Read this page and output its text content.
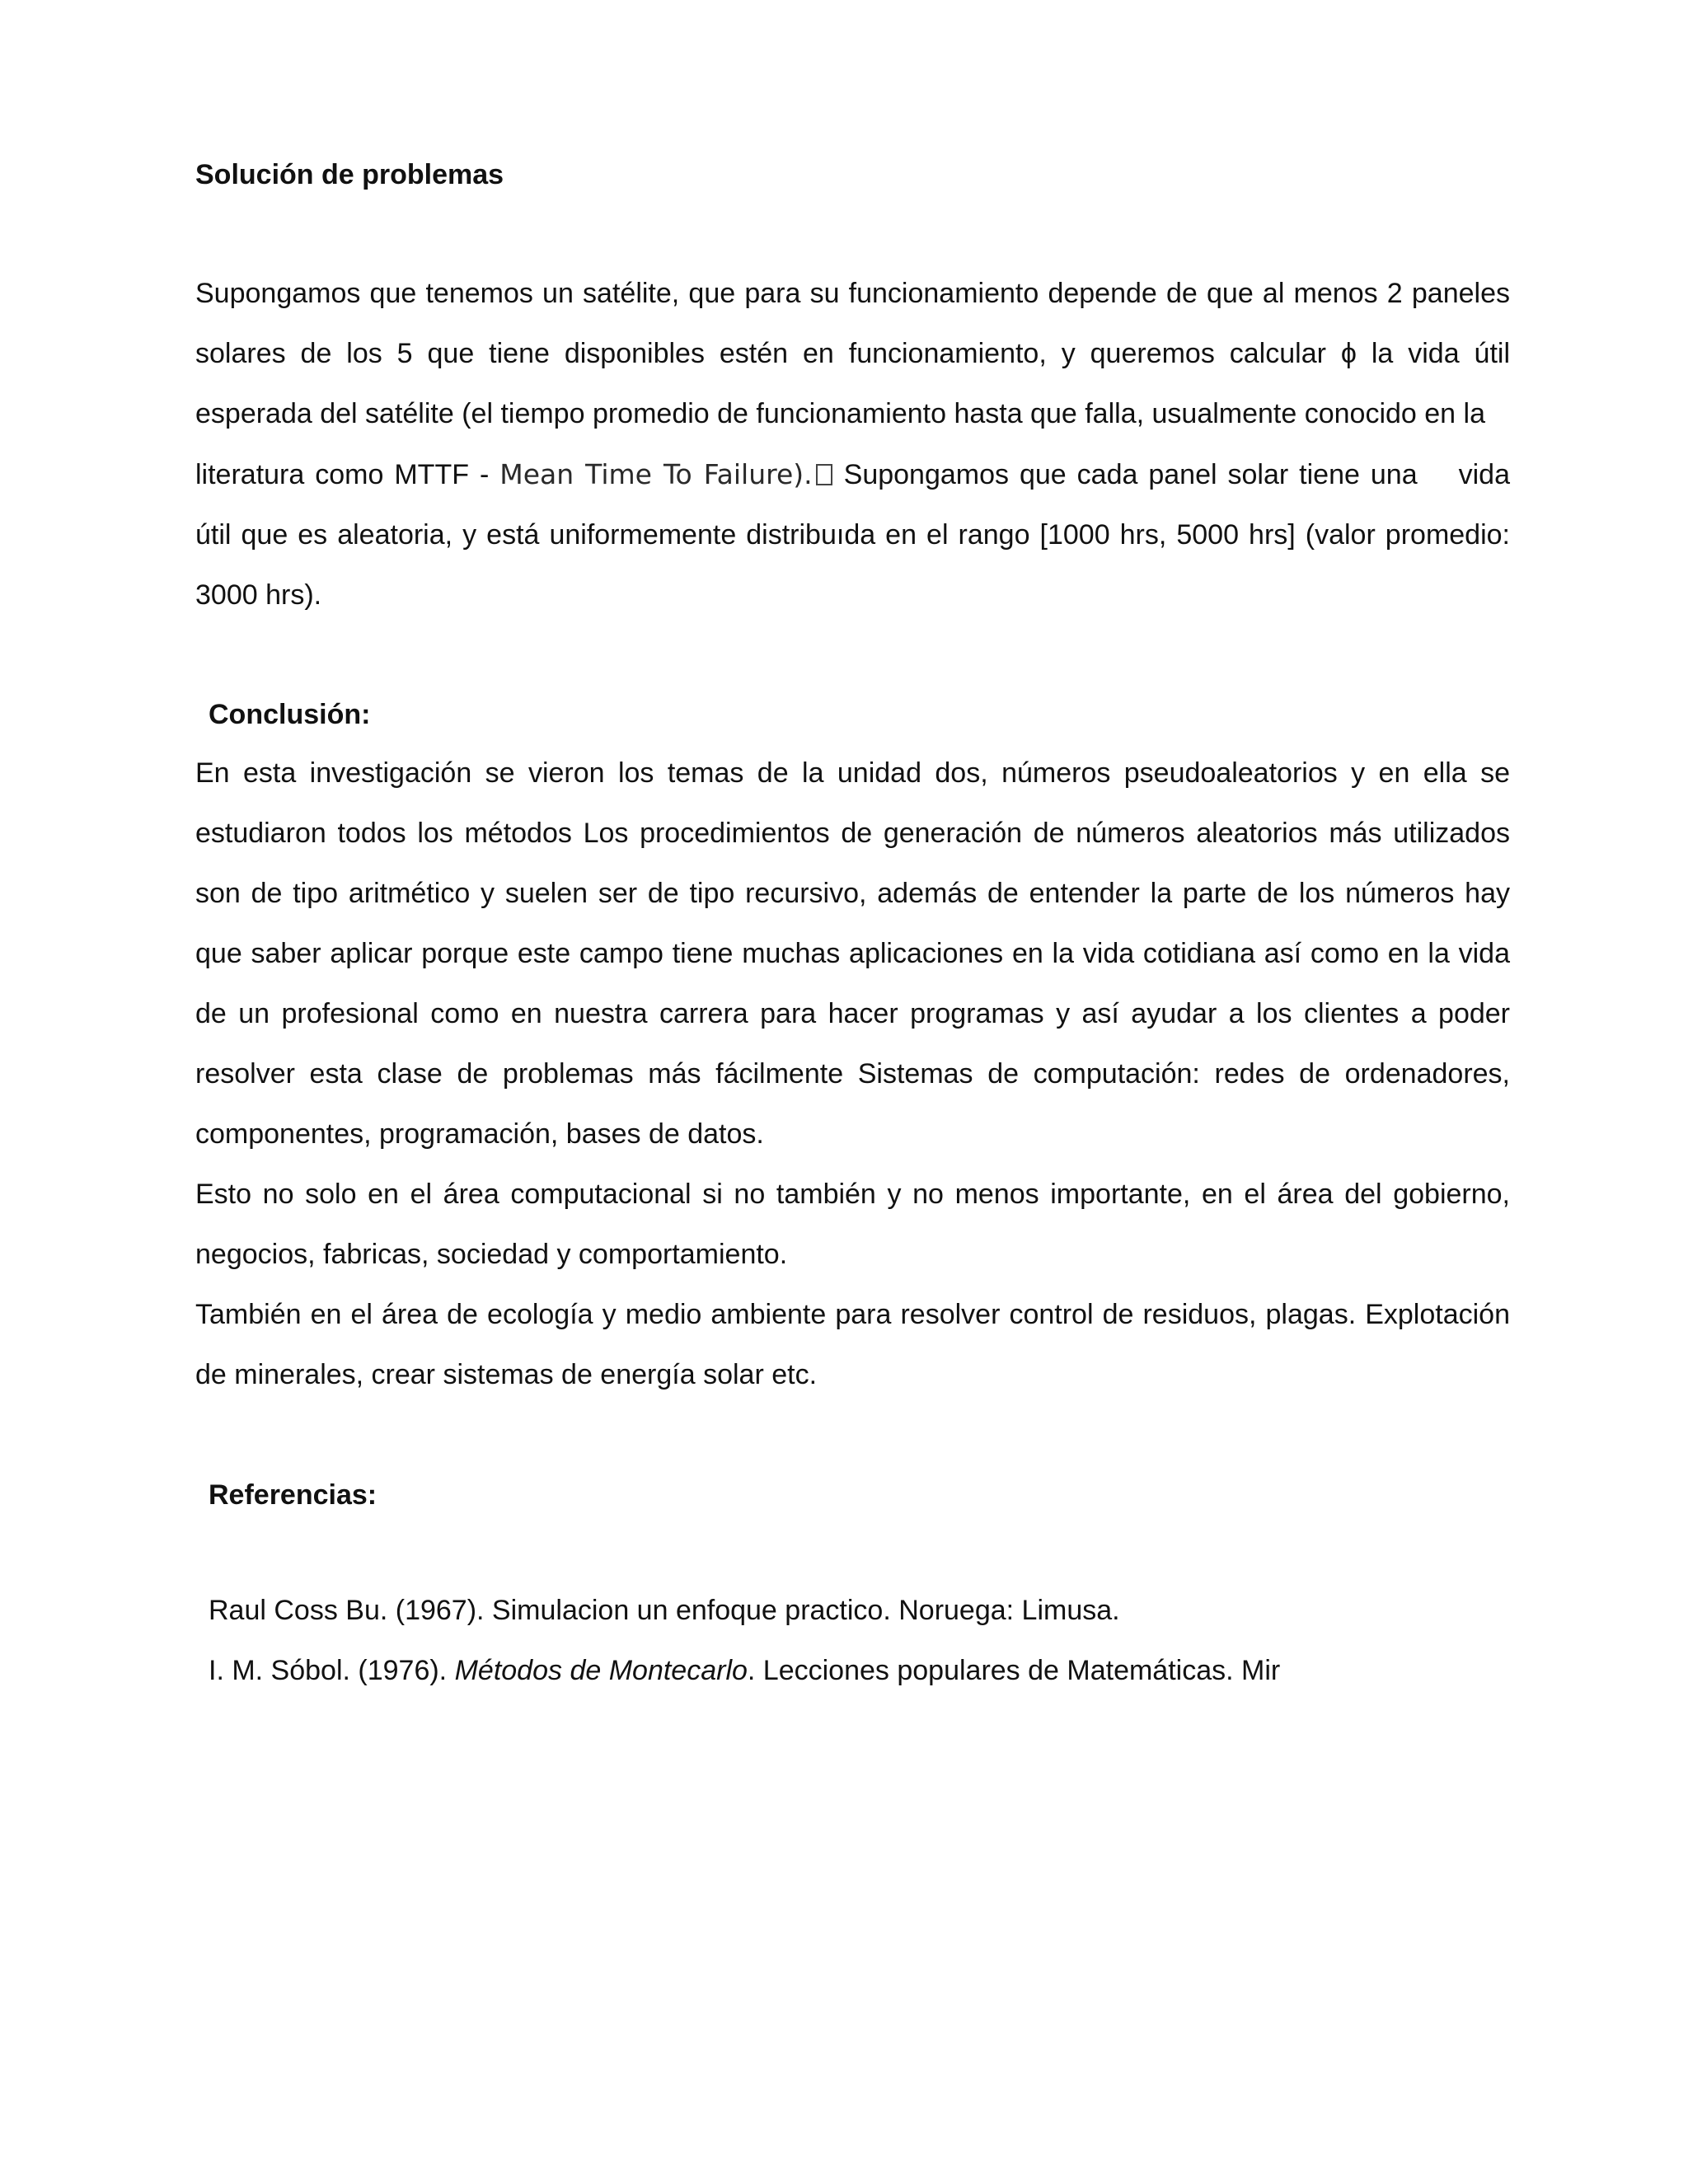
Solución de problemas

Supongamos que tenemos un satélite, que para su funcionamiento depende de que al menos 2 paneles solares de los 5 que tiene disponibles estén en funcionamiento, y queremos calcular ϕ la vida útil esperada del satélite (el tiempo promedio de funcionamiento hasta que falla, usualmente conocido en laliteratura como MTTF - Mean Time To Failure). Supongamos que cada panel solar tiene una vida útil que es aleatoria, y está uniformemente distribuıda en el rango [1000 hrs, 5000 hrs] (valor promedio: 3000 hrs).

Conclusión:

En esta investigación se vieron los temas de la unidad dos, números pseudoaleatorios y en ella se estudiaron todos los métodos Los procedimientos de generación de números aleatorios más utilizados son de tipo aritmético y suelen ser de tipo recursivo, además de entender la parte de los números hay que saber aplicar porque este campo tiene muchas aplicaciones en la vida cotidiana así como en la vida de un profesional como en nuestra carrera para hacer programas y así ayudar a los clientes a poder resolver esta clase de problemas más fácilmente Sistemas de computación: redes de ordenadores, componentes, programación, bases de datos.

Esto no solo en el área computacional si no también y no menos importante, en el área del gobierno, negocios, fabricas, sociedad y comportamiento.

También en el área de ecología y medio ambiente para resolver control de residuos, plagas. Explotación de minerales, crear sistemas de energía solar etc.

Referencias:

Raul Coss Bu. (1967). Simulacion un enfoque practico. Noruega: Limusa.

I. M. Sóbol. (1976). Métodos de Montecarlo. Lecciones populares de Matemáticas. Mir
